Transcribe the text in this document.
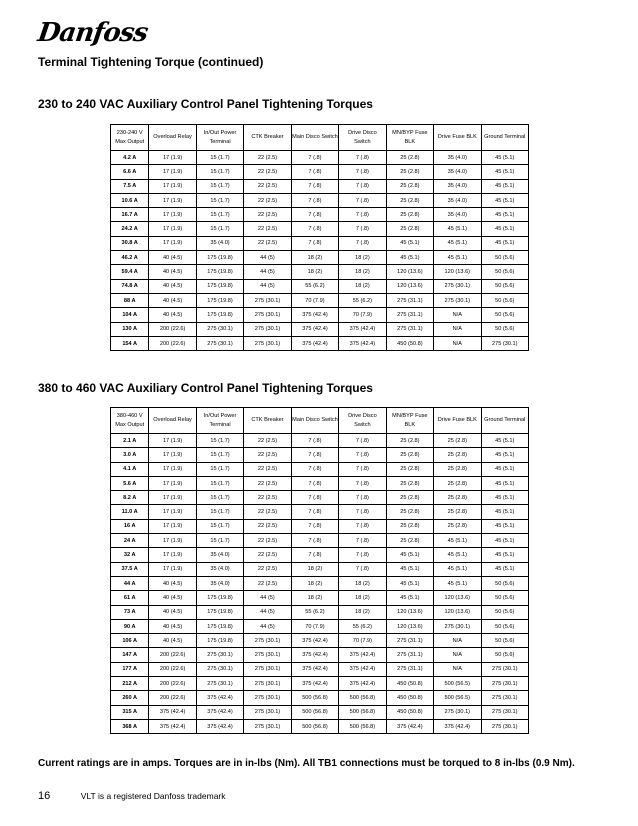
Danfoss
Terminal Tightening Torque (continued)
230 to 240 VAC Auxiliary Control Panel Tightening Torques
230-240 V Max Output	Overload Relay	In/Out Power Terminal	CTK Breaker	Main Disco Switch	Drive Disco Switch	MN/BYP Fuse BLK	Drive Fuse BLK	Ground Terminal
4.2 A	17 (1.9)	15 (1.7)	22 (2.5)	7 (.8)	7 (.8)	25 (2.8)	35 (4.0)	45 (5.1)
6.6 A	17 (1.9)	15 (1.7)	22 (2.5)	7 (.8)	7 (.8)	25 (2.8)	35 (4.0)	45 (5.1)
7.5 A	17 (1.9)	15 (1.7)	22 (2.5)	7 (.8)	7 (.8)	25 (2.8)	35 (4.0)	45 (5.1)
10.6 A	17 (1.9)	15 (1.7)	22 (2.5)	7 (.8)	7 (.8)	25 (2.8)	35 (4.0)	45 (5.1)
16.7 A	17 (1.9)	15 (1.7)	22 (2.5)	7 (.8)	7 (.8)	25 (2.8)	35 (4.0)	45 (5.1)
24.2 A	17 (1.9)	15 (1.7)	22 (2.5)	7 (.8)	7 (.8)	25 (2.8)	45 (5.1)	45 (5.1)
30.8 A	17 (1.9)	35 (4.0)	22 (2.5)	7 (.8)	7 (.8)	45 (5.1)	45 (5.1)	45 (5.1)
46.2 A	40 (4.5)	175 (19.8)	44 (5)	18 (2)	18 (2)	45 (5.1)	45 (5.1)	50 (5.6)
59.4 A	40 (4.5)	175 (19.8)	44 (5)	18 (2)	18 (2)	120 (13.6)	120 (13.6)	50 (5.6)
74.8 A	40 (4.5)	175 (19.8)	44 (5)	55 (6.2)	18 (2)	120 (13.6)	275 (30.1)	50 (5.6)
88 A	40 (4.5)	175 (19.8)	275 (30.1)	70 (7.9)	55 (6.2)	275 (31.1)	275 (30.1)	50 (5.6)
104 A	40 (4.5)	175 (19.8)	275 (30.1)	375 (42.4)	70 (7.9)	275 (31.1)	N/A	50 (5.6)
130 A	200 (22.6)	275 (30.1)	275 (30.1)	375 (42.4)	375 (42.4)	275 (31.1)	N/A	50 (5.6)
154 A	200 (22.6)	275 (30.1)	275 (30.1)	375 (42.4)	375 (42.4)	450 (50.8)	N/A	275 (30.1)
380 to 460 VAC Auxiliary Control Panel Tightening Torques
380-460 V Max Output	Overload Relay	In/Out Power Terminal	CTK Breaker	Main Disco Switch	Drive Disco Switch	MN/BYP Fuse BLK	Drive Fuse BLK	Ground Terminal
2.1 A	17 (1.9)	15 (1.7)	22 (2.5)	7 (.8)	7 (.8)	25 (2.8)	25 (2.8)	45 (5.1)
3.0 A	17 (1.9)	15 (1.7)	22 (2.5)	7 (.8)	7 (.8)	25 (2.8)	25 (2.8)	45 (5.1)
4.1 A	17 (1.9)	15 (1.7)	22 (2.5)	7 (.8)	7 (.8)	25 (2.8)	25 (2.8)	45 (5.1)
5.6 A	17 (1.9)	15 (1.7)	22 (2.5)	7 (.8)	7 (.8)	25 (2.8)	25 (2.8)	45 (5.1)
8.2 A	17 (1.9)	15 (1.7)	22 (2.5)	7 (.8)	7 (.8)	25 (2.8)	25 (2.8)	45 (5.1)
11.0 A	17 (1.9)	15 (1.7)	22 (2.5)	7 (.8)	7 (.8)	25 (2.8)	25 (2.8)	45 (5.1)
16 A	17 (1.9)	15 (1.7)	22 (2.5)	7 (.8)	7 (.8)	25 (2.8)	25 (2.8)	45 (5.1)
24 A	17 (1.9)	15 (1.7)	22 (2.5)	7 (.8)	7 (.8)	25 (2.8)	45 (5.1)	45 (5.1)
32 A	17 (1.9)	35 (4.0)	22 (2.5)	7 (.8)	7 (.8)	45 (5.1)	45 (5.1)	45 (5.1)
37.5 A	17 (1.9)	35 (4.0)	22 (2.5)	18 (2)	7 (.8)	45 (5.1)	45 (5.1)	45 (5.1)
44 A	40 (4.5)	35 (4.0)	22 (2.5)	18 (2)	18 (2)	45 (5.1)	45 (5.1)	50 (5.6)
61 A	40 (4.5)	175 (19.8)	44 (5)	18 (2)	18 (2)	45 (5.1)	120 (13.6)	50 (5.6)
73 A	40 (4.5)	175 (19.8)	44 (5)	55 (6.2)	18 (2)	120 (13.6)	120 (13.6)	50 (5.6)
90 A	40 (4.5)	175 (19.8)	44 (5)	70 (7.9)	55 (6.2)	120 (13.6)	275 (30.1)	50 (5.6)
106 A	40 (4.5)	175 (19.8)	275 (30.1)	375 (42.4)	70 (7.9)	275 (31.1)	N/A	50 (5.6)
147 A	200 (22.6)	275 (30.1)	275 (30.1)	375 (42.4)	375 (42.4)	275 (31.1)	N/A	50 (5.6)
177 A	200 (22.6)	275 (30.1)	275 (30.1)	375 (42.4)	375 (42.4)	275 (31.1)	N/A	275 (30.1)
212 A	200 (22.6)	275 (30.1)	275 (30.1)	375 (42.4)	375 (42.4)	450 (50.8)	500 (56.5)	275 (30.1)
260 A	200 (22.6)	375 (42.4)	275 (30.1)	500 (56.8)	500 (56.8)	450 (50.8)	500 (56.5)	275 (30.1)
315 A	375 (42.4)	375 (42.4)	275 (30.1)	500 (56.8)	500 (56.8)	450 (50.8)	275 (30.1)	275 (30.1)
368 A	375 (42.4)	375 (42.4)	275 (30.1)	500 (56.8)	500 (56.8)	375 (42.4)	375 (42.4)	275 (30.1)
Current ratings are in amps. Torques are in in-lbs (Nm). All TB1 connections must be torqued to 8 in-lbs (0.9 Nm).
16	VLT is a registered Danfoss trademark
